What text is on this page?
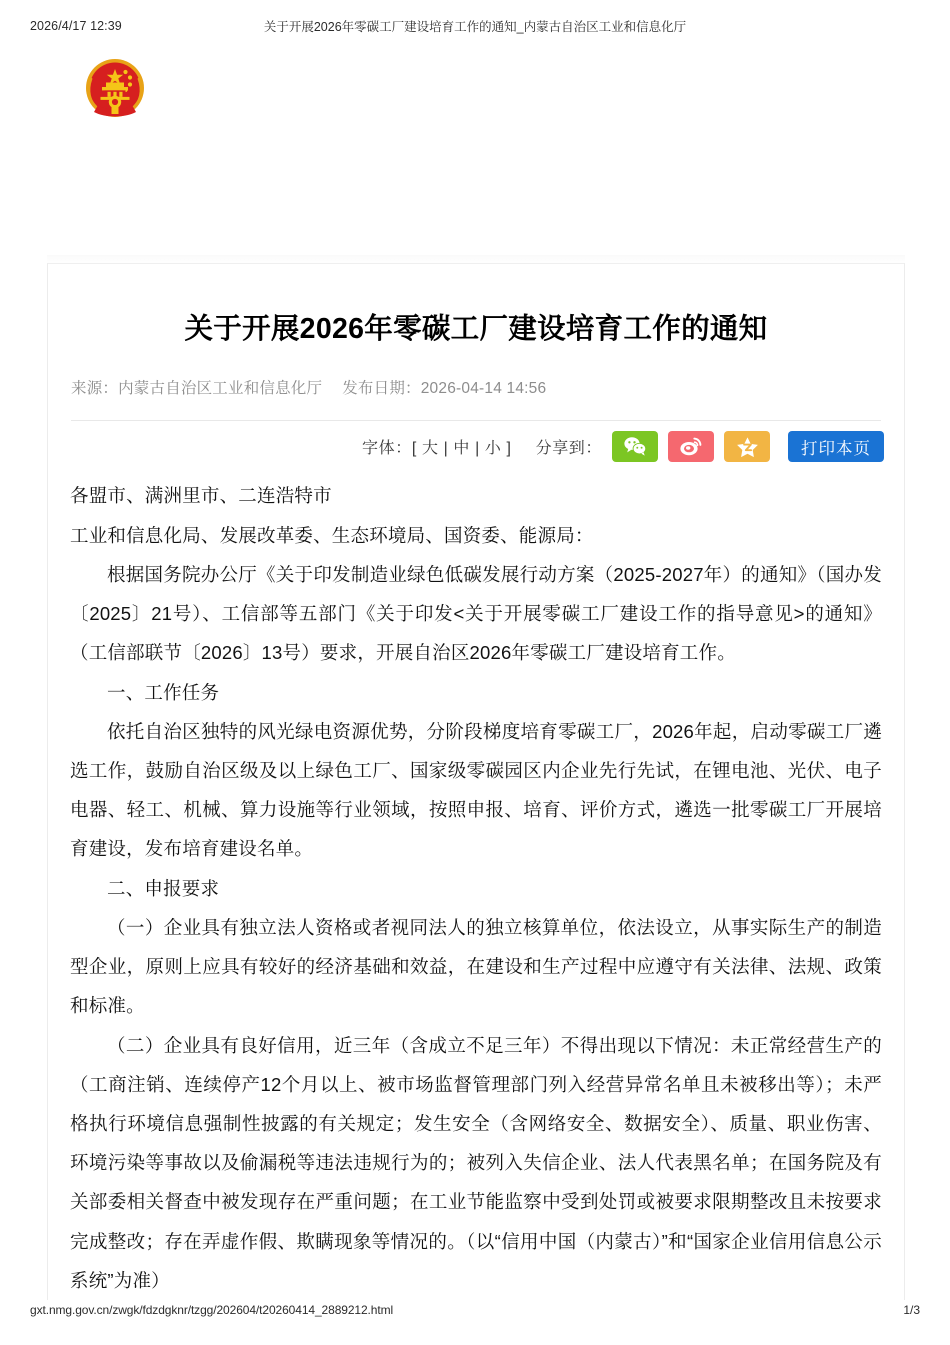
2026/4/17 12:39	关于开展2026年零碳工厂建设培育工作的通知_内蒙古自治区工业和信息化厅
关于开展2026年零碳工厂建设培育工作的通知
来源：内蒙古自治区工业和信息化厅 发布日期：2026-04-14 14:56
字体：[ 大 | 中 | 小 ] 分享到：	打印本页

各盟市、满洲里市、二连浩特市

工业和信息化局、发展改革委、生态环境局、国资委、能源局：

根据国务院办公厅《关于印发制造业绿色低碳发展行动方案（2025-2027年）的通知》（国办发〔2025〕21号）、工信部等五部门《关于印发<关于开展零碳工厂建设工作的指导意见>的通知》（工信部联节〔2026〕13号）要求，开展自治区2026年零碳工厂建设培育工作。

一、工作任务

依托自治区独特的风光绿电资源优势，分阶段梯度培育零碳工厂，2026年起，启动零碳工厂遴选工作，鼓励自治区级及以上绿色工厂、国家级零碳园区内企业先行先试，在锂电池、光伏、电子电器、轻工、机械、算力设施等行业领域，按照申报、培育、评价方式，遴选一批零碳工厂开展培育建设，发布培育建设名单。

二、申报要求

（一）企业具有独立法人资格或者视同法人的独立核算单位，依法设立，从事实际生产的制造型企业，原则上应具有较好的经济基础和效益，在建设和生产过程中应遵守有关法律、法规、政策和标准。

（二）企业具有良好信用，近三年（含成立不足三年）不得出现以下情况：未正常经营生产的（工商注销、连续停产12个月以上、被市场监督管理部门列入经营异常名单且未被移出等）；未严格执行环境信息强制性披露的有关规定；发生安全（含网络安全、数据安全）、质量、职业伤害、环境污染等事故以及偷漏税等违法违规行为的；被列入失信企业、法人代表黑名单；在国务院及有关部委相关督查中被发现存在严重问题；在工业节能监察中受到处罚或被要求限期整改且未按要求完成整改；存在弄虚作假、欺瞒现象等情况的。（以“信用中国（内蒙古）”和“国家企业信用信息公示系统”为准）

gxt.nmg.gov.cn/zwgk/fdzdgknr/tzgg/202604/t20260414_2889212.html	1/3
